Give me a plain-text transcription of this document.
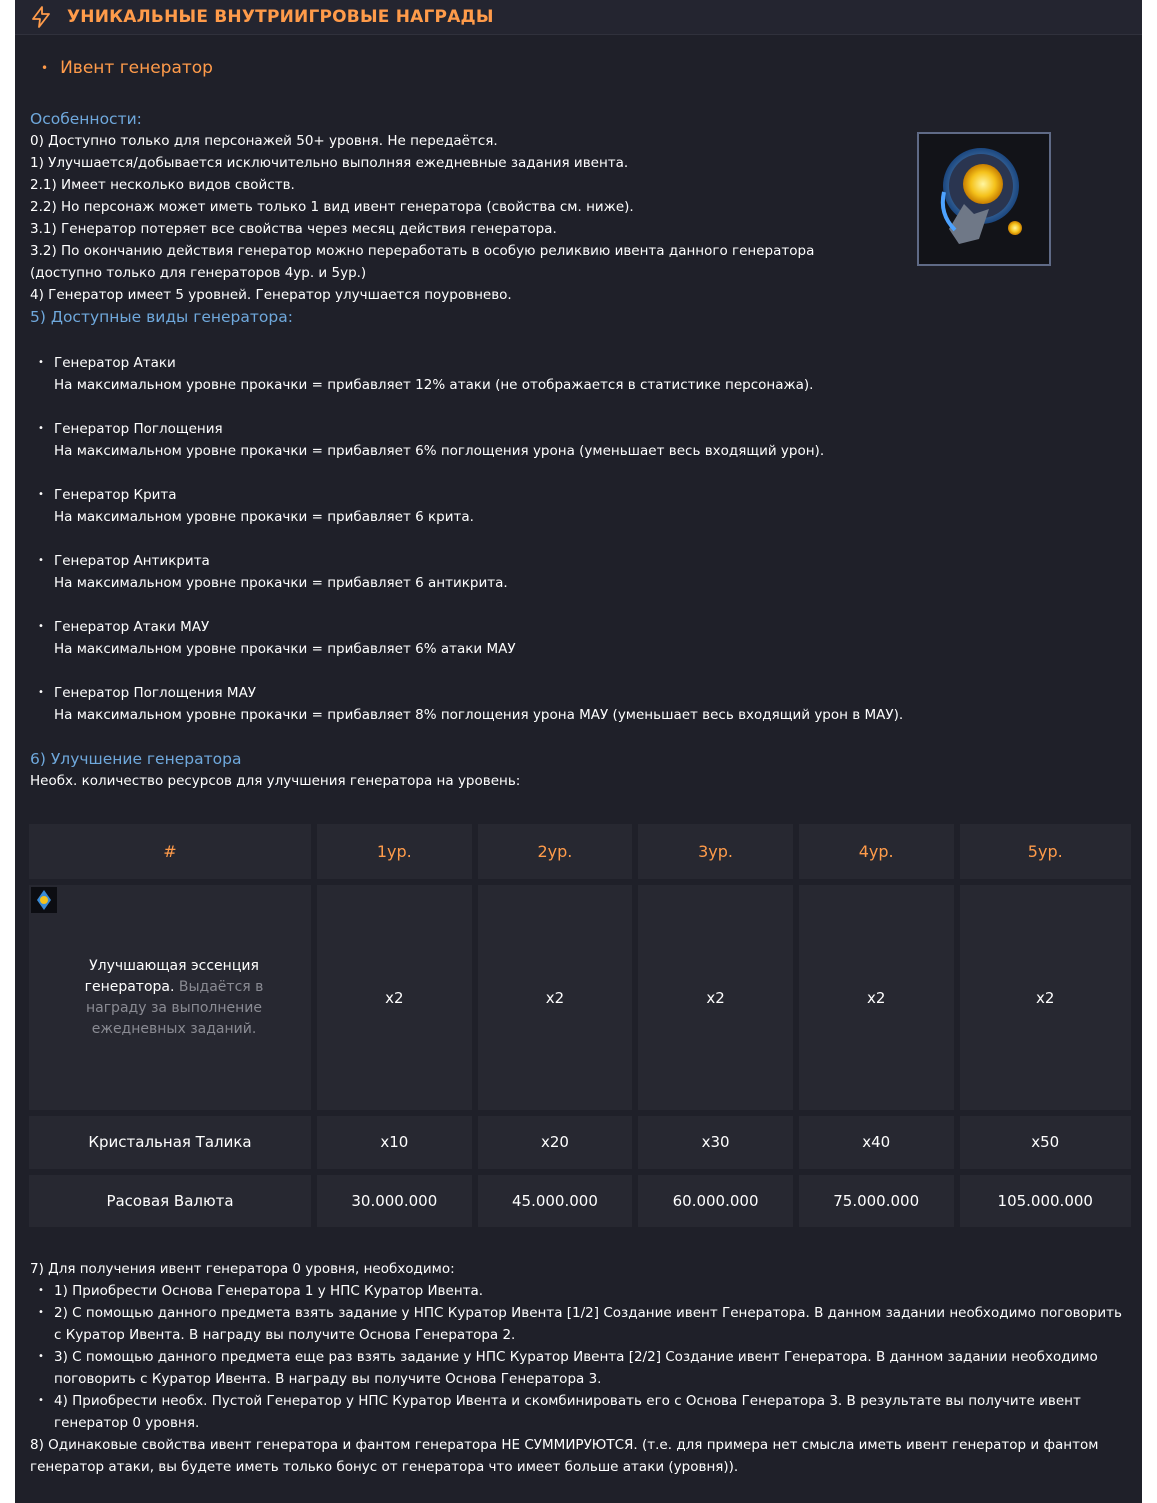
УНИКАЛЬНЫЕ ВНУТРИИГРОВЫЕ НАГРАДЫ
• Ивент генератор
Особенности:
0) Доступно только для персонажей 50+ уровня. Не передаётся.
1) Улучшается/добывается исключительно выполняя ежедневные задания ивента.
2.1) Имеет несколько видов свойств.
2.2) Но персонаж может иметь только 1 вид ивент генератора (свойства см. ниже).
3.1) Генератор потеряет все свойства через месяц действия генератора.
3.2) По окончанию действия генератор можно переработать в особую реликвию ивента данного генератора
(доступно только для генераторов 4ур. и 5ур.)
4) Генератор имеет 5 уровней. Генератор улучшается поуровнево.
5) Доступные виды генератора:
• Генератор Атаки
На максимальном уровне прокачки = прибавляет 12% атаки (не отображается в статистике персонажа).
• Генератор Поглощения
На максимальном уровне прокачки = прибавляет 6% поглощения урона (уменьшает весь входящий урон).
• Генератор Крита
На максимальном уровне прокачки = прибавляет 6 крита.
• Генератор Антикрита
На максимальном уровне прокачки = прибавляет 6 антикрита.
• Генератор Атаки МАУ
На максимальном уровне прокачки = прибавляет 6% атаки МАУ
• Генератор Поглощения МАУ
На максимальном уровне прокачки = прибавляет 8% поглощения урона МАУ (уменьшает весь входящий урон в МАУ).
6) Улучшение генератора
Необх. количество ресурсов для улучшения генератора на уровень:
#	1ур.	2ур.	3ур.	4ур.	5ур.

Улучшающая эссенция генератора. Выдаётся в награду за выполнение ежедневных заданий.	x2	x2	x2	x2	x2
Кристальная Талика	x10	x20	x30	x40	x50
Расовая Валюта	30.000.000	45.000.000	60.000.000	75.000.000	105.000.000
7) Для получения ивент генератора 0 уровня, необходимо:
• 1) Приобрести Основа Генератора 1 у НПС Куратор Ивента.
• 2) С помощью данного предмета взять задание у НПС Куратор Ивента [1/2] Создание ивент Генератора. В данном задании необходимо поговорить с Куратор Ивента. В награду вы получите Основа Генератора 2.
• 3) С помощью данного предмета еще раз взять задание у НПС Куратор Ивента [2/2] Создание ивент Генератора. В данном задании необходимо поговорить с Куратор Ивента. В награду вы получите Основа Генератора 3.
• 4) Приобрести необх. Пустой Генератор у НПС Куратор Ивента и скомбинировать его с Основа Генератора 3. В результате вы получите ивент генератор 0 уровня.
8) Одинаковые свойства ивент генератора и фантом генератора НЕ СУММИРУЮТСЯ. (т.е. для примера нет смысла иметь ивент генератор и фантом генератор атаки, вы будете иметь только бонус от генератора что имеет больше атаки (уровня)).
